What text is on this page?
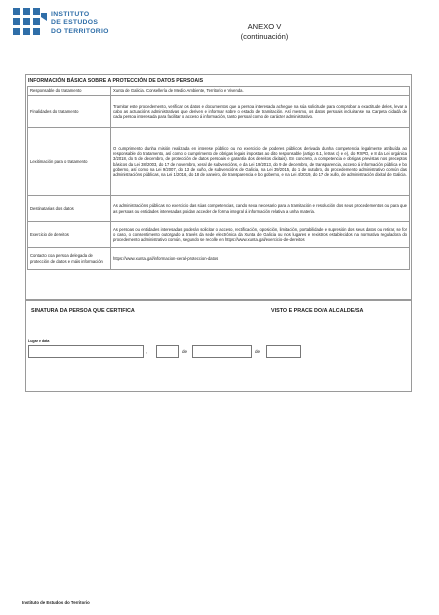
INSTITUTO
DE ESTUDOS
DO TERRITORIO
ANEXO V
(continuación)
INFORMACIÓN BÁSICA SOBRE A PROTECCIÓN DE DATOS PERSOAIS
Responsable do tratamento	Xunta de Galicia. Consellería de Medio Ambiente, Territorio e Vivenda.
Finalidades do tratamento	Tramitar este procedemento, verificar os datos e documentos que a persoa interesada achegue na súa solicitude para comprobar a exactitude deles, levar a cabo as actuacións administrativas que deriven e informar sobre o estado de tramitación. Así mesmo, os datos persoais incluiranse na Carpeta cidadá de cada persoa interesada para facilitar o acceso á información, tanto persoal como de carácter administrativo.
Lexitimación para o tratamento	O cumprimento dunha misión realizada en interese público ou no exercicio de poderes públicos derivada dunha competencia legalmente atribuída ao responsable do tratamento, así como o cumprimento de obrigas legais impostas ao dito responsable (artigo 6.1, letras c) e e), do RXPD, e 8 da Lei orgánica 3/2018, do 5 de decembro, de protección de datos persoais e garantía dos dereitos dixitais). En concreto, a competencia e obrigas previstas nos preceptos básicos da Lei 38/2003, do 17 de novembro, xeral de subvencións, e da Lei 19/2013, do 9 de decembro, de transparencia, acceso á información pública e bo goberno, así como na Lei 9/2007, do 13 de xuño, de subvencións de Galicia, na Lei 39/2015, do 1 de outubro, do procedemento administrativo común das administracións públicas, na Lei 1/2016, do 18 de xaneiro, de transparencia e bo goberno, e na Lei 4/2019, do 17 de xullo, de administración dixital de Galicia.
Destinatarias dos datos	As administracións públicas no exercicio das súas competencias, cando sexa necesario para a tramitación e resolución dos seus procedementos ou para que as persoas ou entidades interesadas poidan acceder de forma integral á información relativa a unha materia.
Exercicio de dereitos	As persoas ou entidades interesadas poderán solicitar o acceso, rectificación, oposición, limitación, portabilidade e supresión dos seus datos ou retirar, se for o caso, o consentimento outorgado a través da sede electrónica da Xunta de Galicia ou nos lugares e rexistros establecidos na normativa reguladora do procedemento administrativo común, segundo se recolle en https://www.xunta.gal/exercicio-de-dereitos
Contacto coa persoa delegada de protección de datos e máis información	https://www.xunta.gal/informacion-xeral-proteccion-datos
SINATURA DA PERSOA QUE CERTIFICA	VISTO E PRACE DO/A ALCALDE/SA
Lugar e data
,	de	de
Instituto de Estudos do Territorio
